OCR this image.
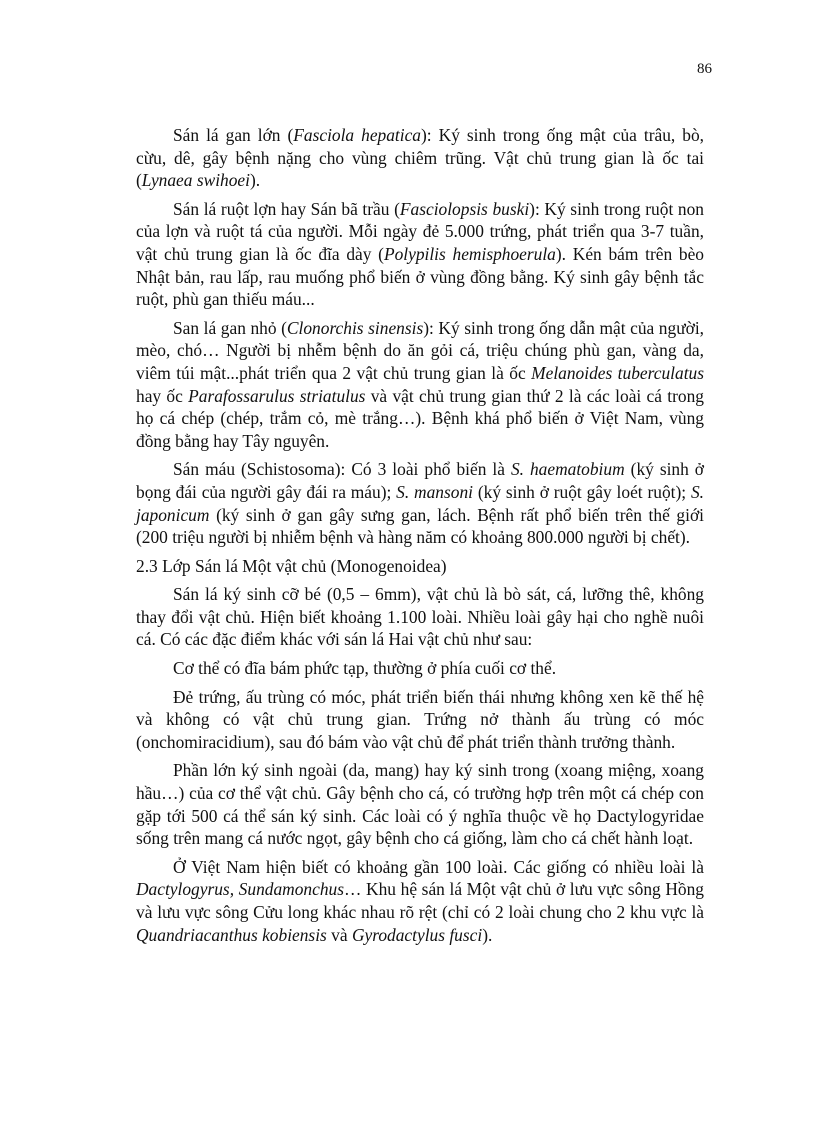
86

Sán lá gan lớn (Fasciola hepatica): Ký sinh trong ống mật của trâu, bò, cừu, dê, gây bệnh nặng cho vùng chiêm trũng. Vật chủ trung gian là ốc tai (Lynaea swihoei).

Sán lá ruột lợn hay Sán bã trầu (Fasciolopsis buski): Ký sinh trong ruột non của lợn và ruột tá của người. Mỗi ngày đẻ 5.000 trứng, phát triển qua 3-7 tuần, vật chủ trung gian là ốc đĩa dày (Polypilis hemisphoerula). Kén bám trên bèo Nhật bản, rau lấp, rau muống phổ biến ở vùng đồng bằng. Ký sinh gây bệnh tắc ruột, phù gan thiếu máu...

San lá gan nhỏ (Clonorchis sinensis): Ký sinh trong ống dẫn mật của người, mèo, chó… Người bị nhễm bệnh do ăn gỏi cá, triệu chúng phù gan, vàng da, viêm túi mật...phát triển qua 2 vật chủ trung gian là ốc Melanoides tuberculatus hay ốc Parafossarulus striatulus và vật chủ trung gian thứ 2 là các loài cá trong họ cá chép (chép, trắm cỏ, mè trắng…). Bệnh khá phổ biến ở Việt Nam, vùng đồng bằng hay Tây nguyên.

Sán máu (Schistosoma): Có 3 loài phổ biến là S. haematobium (ký sinh ở bọng đái của người gây đái ra máu); S. mansoni (ký sinh ở ruột gây loét ruột); S. japonicum (ký sinh ở gan gây sưng gan, lách. Bệnh rất phổ biến trên thế giới (200 triệu người bị nhiễm bệnh và hàng năm có khoảng 800.000 người bị chết).

2.3 Lớp Sán lá Một vật chủ (Monogenoidea)

Sán lá ký sinh cỡ bé (0,5 – 6mm), vật chủ là bò sát, cá, lưỡng thê, không thay đổi vật chủ. Hiện biết khoảng 1.100 loài. Nhiều loài gây hại cho nghề nuôi cá. Có các đặc điểm khác với sán lá Hai vật chủ như sau:

Cơ thể có đĩa bám phức tạp, thường ở phía cuối cơ thể.

Đẻ trứng, ấu trùng có móc, phát triển biến thái nhưng không xen kẽ thế hệ và không có vật chủ trung gian. Trứng nở thành ấu trùng có móc (onchomiracidium), sau đó bám vào vật chủ để phát triển thành trưởng thành.

Phần lớn ký sinh ngoài (da, mang) hay ký sinh trong (xoang miệng, xoang hầu…) của cơ thể vật chủ. Gây bệnh cho cá, có trường hợp trên một cá chép con gặp tới 500 cá thể sán ký sinh. Các loài có ý nghĩa thuộc về họ Dactylogyridae sống trên mang cá nước ngọt, gây bệnh cho cá giống, làm cho cá chết hành loạt.

Ở Việt Nam hiện biết có khoảng gần 100 loài. Các giống có nhiều loài là Dactylogyrus, Sundamonchus… Khu hệ sán lá Một vật chủ ở lưu vực sông Hồng và lưu vực sông Cửu long khác nhau rõ rệt (chỉ có 2 loài chung cho 2 khu vực là Quandriacanthus kobiensis và Gyrodactylus fusci).
